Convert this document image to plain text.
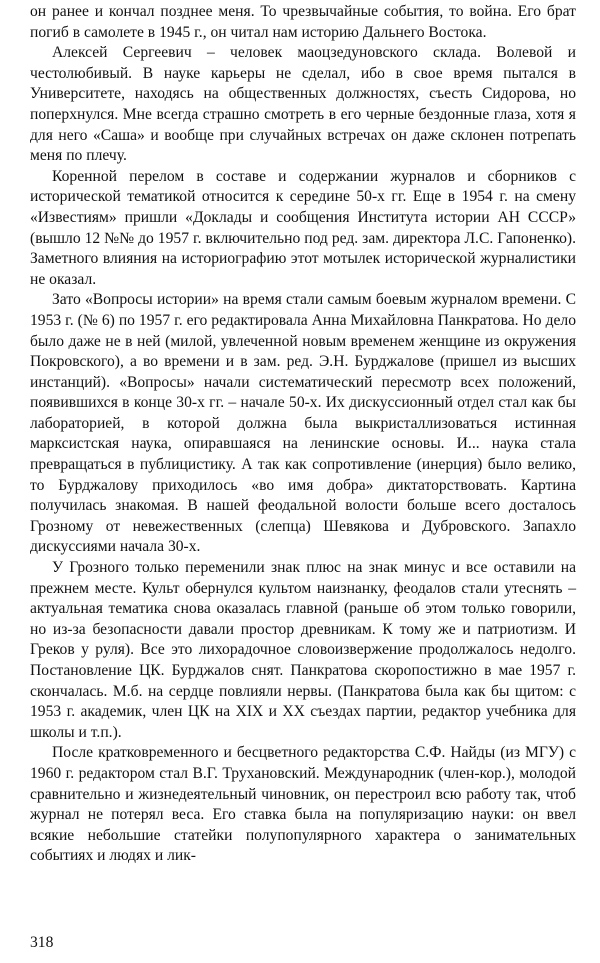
он ранее и кончал позднее меня. То чрезвычайные события, то война. Его брат погиб в самолете в 1945 г., он читал нам историю Дальнего Востока.

Алексей Сергеевич – человек маоцзедуновского склада. Волевой и честолюбивый. В науке карьеры не сделал, ибо в свое время пытался в Университете, находясь на общественных должностях, съесть Сидорова, но поперхнулся. Мне всегда страшно смотреть в его черные бездонные глаза, хотя я для него «Саша» и вообще при случайных встречах он даже склонен потрепать меня по плечу.

Коренной перелом в составе и содержании журналов и сборников с исторической тематикой относится к середине 50-х гг. Еще в 1954 г. на смену «Известиям» пришли «Доклады и сообщения Института истории АН СССР» (вышло 12 №№ до 1957 г. включительно под ред. зам. директора Л.С. Гапоненко). Заметного влияния на историографию этот мотылек исторической журналистики не оказал.

Зато «Вопросы истории» на время стали самым боевым журналом времени. С 1953 г. (№ 6) по 1957 г. его редактировала Анна Михайловна Панкратова. Но дело было даже не в ней (милой, увлеченной новым временем женщине из окружения Покровского), а во времени и в зам. ред. Э.Н. Бурджалове (пришел из высших инстанций). «Вопросы» начали систематический пересмотр всех положений, появившихся в конце 30-х гг. – начале 50-х. Их дискуссионный отдел стал как бы лабораторией, в которой должна была выкристаллизоваться истинная марксистская наука, опиравшаяся на ленинские основы. И... наука стала превращаться в публицистику. А так как сопротивление (инерция) было велико, то Бурджалову приходилось «во имя добра» диктаторствовать. Картина получилась знакомая. В нашей феодальной волости больше всего досталось Грозному от невежественных (слепца) Шевякова и Дубровского. Запахло дискуссиями начала 30-х.

У Грозного только переменили знак плюс на знак минус и все оставили на прежнем месте. Культ обернулся культом наизнанку, феодалов стали утеснять – актуальная тематика снова оказалась главной (раньше об этом только говорили, но из-за безопасности давали простор древникам. К тому же и патриотизм. И Греков у руля). Все это лихорадочное словоизвержение продолжалось недолго. Постановление ЦК. Бурджалов снят. Панкратова скоропостижно в мае 1957 г. скончалась. М.б. на сердце повлияли нервы. (Панкратова была как бы щитом: с 1953 г. академик, член ЦК на XIX и XX съездах партии, редактор учебника для школы и т.п.).

После кратковременного и бесцветного редакторства С.Ф. Найды (из МГУ) с 1960 г. редактором стал В.Г. Трухановский. Международник (член-кор.), молодой сравнительно и жизнедеятельный чиновник, он перестроил всю работу так, чтоб журнал не потерял веса. Его ставка была на популяризацию науки: он ввел всякие небольшие статейки полупопулярного характера о занимательных событиях и людях и лик-

318
